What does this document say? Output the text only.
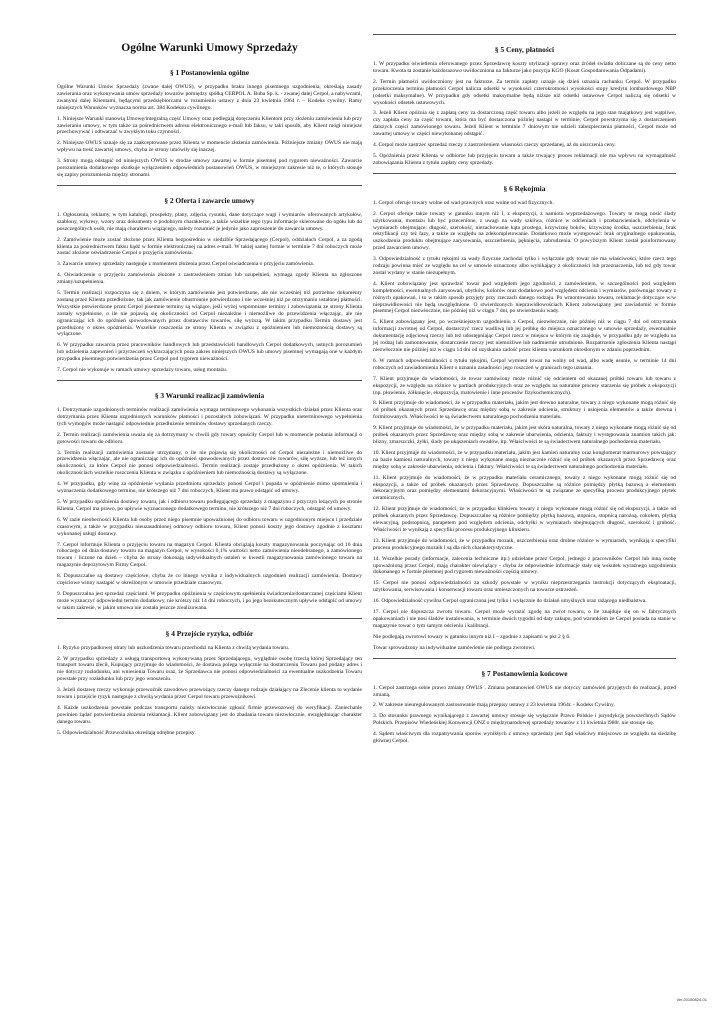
Ogólne Warunki Umowy Sprzedaży
§ 1 Postanowienia ogólne

Ogólne Warunki Umów Sprzedaży (zwane dalej OWUS), w przypadku braku innego pisemnego uzgodnienia, określają zasady zawierania oraz wykonywania umów sprzedaży towarów pomiędzy spółką CERPOL A. Buba Sp. k. - zwanej dalej Cerpol, a nabywcami, zwanymi dalej Klientami, będącymi przedsiębiorcami w rozumieniu ustawy z dnia 23 kwietnia 1964 r. – Kodeks cywilny. Ramy niniejszych Warunków wyznacza norma art. 384 Kodeksu cywilnego.

1. Niniejsze Warunki stanowią Umowę/integralną część Umowy oraz podlegają doręczeniu Klientom przy złożeniu zamówienia lub przy zawieraniu umowy, w tym także za pośrednictwem adresu elektronicznego e-mail lub faksu, w taki sposób, aby Klient mógł niniejsze przechowywać i odtwarzać w zwykłym toku czynności.

2. Niniejsze OWUS uznaje się za zaakceptowane przez Klienta w momencie złożenia zamówienia. Późniejsze zmiany OWUS nie mają wpływu na treść zawartej umowy, chyba że strony umówiły się inaczej.

3. Strony mogą odstąpić od niniejszych OWUS w drodze umowy zawartej w formie pisemnej pod rygorem nieważności. Zawarcie porozumienia dodatkowego skutkuje wyłączeniem odpowiednich postanowień OWUS, w mniejszym zakresie niż te, o których stosuje się zapisy porozumienia między stronami.

§ 2 Oferta i zawarcie umowy

1. Ogłoszenia, reklamy, w tym katalogi, prospekty, plany, zdjęcia, rysunki, dane dotyczące wagi i wymiarów oferowanych artykułów, szablony, wykresy, wzory oraz dokumenty o podobnym charakterze, a także wszelkie tego typu informacje skierowane do ogółu lub do poszczególnych osób, nie mają charakteru wiążącego, należy rozumieć je jedynie jako zaproszenie do zawarcia umowy.

2. Zamówienie może zostać złożone przez Klienta bezpośrednio w siedzibie Sprzedającego (Cerpol), oddziałach Cerpol, a za zgodą klienta za pośrednictwem faksu bądź w formie elektronicznej na adres e-mail. W takiej samej formie w terminie 7 dni roboczych może zostać złożone oświadczenie Cerpol o przyjęciu zamówienia.

3. Zawarcie umowy sprzedaży następuje z momentem złożenia przez Cerpol oświadczenia o przyjęciu zamówienia.

4. Oświadczenie o przyjęciu zamówienia złożone z zastrzeżeniem zmian lub uzupełnień, wymaga zgody Klienta na zgłoszone zmiany/uzupełnienia.

5. Termin realizacji rozpoczyna się z dniem, w którym zamówienie jest potwierdzone, ale nie wcześniej niż potrzebne dokumenty zostaną przez Klienta przedłożone, tak jak zamówienie obustronnie potwierdzono i nie wcześniej niż po otrzymaniu ustalonej płatności. Wszystkie potwierdzone przez Cerpol pisemnie terminy są wiążące, jeśli wyżej wspomniane terminy i zobowiązania ze strony Klienta zostały wypełnione, o ile nie pojawią się okoliczności od Cerpol niezależne i niemożliwe do przewidzenia włączając, ale nie ograniczając ich do opóźnień spowodowanych przez dostawców towarów, siłę wyższą. W takim przypadku Termin dostawy jest przedłużony o okres opóźnienia. Wszelkie roszczenia ze strony Klienta w związku z opóźnieniem lub niemożnością dostawy są wyłączone.

6. W przypadku zawarcia przez pracowników handlowych lub przedstawicieli handlowych Cerpol dodatkowych, ustnych porozumień lub udzielenia zapewnień i przyrzeczeń wykraczających poza zakres niniejszych OWUS lub umowy pisemnej wymagają one w każdym przypadku pisemnego potwierdzenia przez Cerpol pod rygorem nieważności.

7. Cerpol nie wykonuje w ramach umowy sprzedaży towaru, usług montażu.

§ 3 Warunki realizacji zamówienia

1. Dotrzymanie uzgodnionych terminów realizacji zamówienia wymaga terminowego wykonania wszystkich działań przez Klienta oraz dotrzymania przez Klienta uzgodnionych warunków płatności i pozostałych zobowiązań. W przypadku nieterminowego wypełnienia tych wymogów może nastąpić odpowiednie przedłużenie terminów dostawy sprzedanych rzeczy.

2. Termin realizacji zamówienia uważa się za dotrzymany w chwili gdy towary opuściły Cerpol lub w momencie podania informacji o gotowości towaru do odbioru.

3. Termin realizacji zamówienia zostanie utrzymany, o ile nie pojawią się okoliczności od Cerpol niezależne i niemożliwe do przewidzenia włączając, ale nie ograniczając ich do opóźnień spowodowanych przez dostawców towarów, siłę wyższe, lub też innych okoliczności, za które Cerpol nie ponosi odpowiedzialności. Termin realizacji zostaje przedłużony o okres opóźnienia. W takich okolicznościach wszelkie roszczenia Klienta w związku z opóźnieniem lub niemożnością dostawy są wyłączone.

4. W przypadku, gdy winę za opóźnienie wydania przedmiotu sprzedaży ponosi Cerpol i popada w opóźnienie mimo upomnienia i wyznaczenia dodatkowego terminu, nie krótszego niż 7 dni roboczych, Klient ma prawo odstąpić od umowy.

5. W przypadku opóźnienia dostawy towaru, jak i odbioru towaru podlegającego sprzedaży z magazynu z przyczyn leżących po stronie Klienta, Cerpol ma prawo, po upływie wyznaczonego dodatkowego terminu, nie krótszego niż 7 dni roboczych, odstąpić od umowy.

6. W razie nieobecności Klienta lub osoby przez niego pisemnie upoważnionej do odbioru towaru w uzgodnionym miejscu i przedziale czasowym, a także w przypadku nieuzasadnionej odmowy odbioru towaru, Klient ponosi koszty jego dostawy zgodnie z kosztami wykonanej usługi dostawy.

7. Cerpol informuje Klienta o przyjęciu towaru na magazyn Cerpol. Klienta obciążają koszty magazynowania poczynając od 16 dnia roboczego od dnia dostawy towaru na magazyn Cerpol, w wysokości 0,1% wartości netto zamówienia nieodebranego, a zamówionego towaru / liczone na dzień – chyba że strony dokonają indywidualnych ustaleń w kwestii magazynowania zamówionego towaru na magazynie depozytowym Firmy Cerpol.

8. Dopuszczalne są dostawy częściowe, chyba że co innego wynika z indywidualnych uzgodnień realizacji zamówienia. Dostawy częściowe winny nastąpić w określonym w umowie przedziale czasowym.

9. Dopuszczalna jest sprzedaż częściami. W przypadku opóźnienia w częściowym spełnieniu świadczenia/dostarczanej częściami Klient może wyznaczyć odpowiedni termin dodatkowy, nie krótszy niż 14 dni roboczych, i po jego bezskutecznym upływie odstąpić od umowy w takim zakresie, w jakim umowa nie została jeszcze zrealizowana.

§ 4 Przejście ryzyka, odbiór

1. Ryzyko przypadkowej utraty lub uszkodzenia towaru przechodzi na Klienta z chwilą wydania towaru.

2. W przypadku sprzedaży z usługą transportową wykonywaną przez Sprzedającego, wyglądnie osobę trzecią której Sprzedający ten transport towaru zlecił, Kupujący przyjmuje do wiadomości, że dostawa polega wyłącznie na dostarczeniu Towaru pod podany adres i nie dotyczy rozładunku, ani wniesienia Towaru oraz, że Sprzedawca nie ponosi odpowiedzialności za ewentualne uszkodzenia Towaru powstałe przy rozładunku lub przy jego wnoszeniu.

3. Jeżeli dostawę rzeczy wykonuje przewoźnik zawodowo przewożący rzeczy danego rodzaju działający na Zlecenie klienta to wydanie towaru i przejście ryzyk następuje z chwilą wydania przez Cerpol towaru przewoźnikowi.

4. Każde uszkodzenia powstałe podczas transportu należy niezwłocznie zgłosić firmie przewozowej do weryfikacji. Zaniechanie powinien żądać potwierdzenia złożenia reklamacji. Klient zobowiązany jest do zbadania towaru niezwłocznie, uwzględniając charakter danego towaru.

5. Odpowiedzialność Przewoźnika określają odrębne przepisy.

§ 5 Ceny, płatności

1. W przypadku oświetlenia oferowanego przez Sprzedawcę koszty utylizacji oprawy oraz źródeł światła doliczane są do ceny netto towaru. Kwota ta zostanie każdorazowo uwidoczniona na fakturze jako pozycja KGO (Koszt Gospodarowania Odpadami).

2. Termin płatności uwidoczniony jest na fakturze. Za termin zapłaty uznaje się dzień uznania rachunku Cerpol. W przypadku przekroczenia terminu płatności Cerpol nalicza odsetki w wysokości czterokrotności wysokości stopy kredytu lombardowego NBP (odsetki maksymalne). W przypadku gdy odsetki maksymalne będą niższe niż odsetki ustawowe Cerpol naliczą się odsetki w wysokości odsetek ustawowych.

3. Jeżeli Klient opóźnia się z zapłatą ceny za dostarczoną część towaru albo jeżeli ze względu na jego stan majątkowy jest wątpliwe, czy zapłata ceny za część towaru, która ma być dostarczona później nastąpi w terminie, Cerpol powstrzyma się z dostarczeniem dalszych części zamówionego towaru. Jeżeli Klient w terminie 7 dniowym nie udzieli zabezpieczenia płatności, Cerpol może od zawartej umowy w części niewykonanej odstąpić.

4. Cerpol może zastrzec sprzedaż rzeczy z zastrzeżeniem własności rzeczy sprzedanej, aż do uiszczenia ceny.

5. Opóźnienia przez Klienta w odbiorze lub przyjęciu towaru a także trwający proces reklamacji nie ma wpływu na wymagalność zobowiązania Klienta z tytułu zapłaty ceny sprzedaży.

§ 6 Rękojmia

1. Cerpol oferuje towary wolne od wad prawnych oraz wolne od wad fizycznych.

2. Cerpol oferuje także towary w gatunku innym niż I, z ekspozycji, z namiotu wyprzedażowego. Towary te mogą nosić ślady użytkowania, montażu lub być przecenione, z uwagi na wady szkliwa, różnice w odcieniach i przebarwieniach, odchylenia w wymiarach obejmujące: długość, szerokość, niezachowanie kąta prostego, krzywiznę boków, krzywiznę środka, uszczerbienia, brak rektyfikacji czy też fazy, a także ze względu na zdekompletowanie. Dodatkowo może występować: brak oryginalnego opakowania, uszkodzenia produktu obejmujące zarysowania, uszczerbienia, pęknięcia, zabrudzenia. O powyższym Klient został poinformowany przed zawarciem umowy.

3. Odpowiedzialność z tytułu rękojmi za wady fizyczne zachodzi tylko i wyłącznie gdy towar nie ma właściwości, które rzecz tego rodzaju powinna mieć ze względu na cel w umowie oznaczony albo wynikający z okoliczności lub przeznaczenia, lub też gdy towar został wydany w stanie niezupełnym.

4. Klient zobowiązany jest sprawdzić towar pod względem jego zgodności z zamówieniem, w szczególności pod względem kompletności, ewentualnych zarysowań, ubytków, kolorów oraz dodatkowo pod względem odcienia i wymiarów, porównując towary z różnych opakowań, i to w takim sposób przyjęty przy rzeczach danego rodzaju. Po wmontowaniu towaru, reklamacje dotyczące w/w nieprawidłowości nie będą uwzględnione. O stwierdzonych nieprawidłowościach Klient zobowiązany jest zawiadomić w formie pisemnej Cerpol niezwłocznie, nie później niż w ciągu 7 dni, po stwierdzeniu wady.

5. Klient zobowiązany jest, po wcześniejszym uzgodnieniu z Cerpol, niezwłocznie, nie później niż w ciągu 7 dni od otrzymania informacji zwrotnej od Cerpol, dostarczyć rzecz wadliwą lub jej próbkę do miejsca oznaczonego w umowie sprzedaży, ewentualnie dokumentację zdjęciową rzeczy lub też udostępniając Cerpol rzecz w miejscu w którym się znajduje, w przypadku gdy ze względu na jej rodzaj lub zamontowanie, dostarczenie rzeczy jest niemożliwe lub nadmiernie utrudnione. Rozpatrzenie zgłoszenia Klienta nastąpi niezwłocznie nie później niż w ciągu 14 dni od uzyskania zadość przez klienta warunkom określonym w zdaniu poprzednim.

6. W ramach odpowiedzialności z tytułu rękojmi, Cerpol wymieni towar na wolny od wad, albo wadę usunie, w terminie 14 dni roboczych od zawiadomienia Klient o uznaniu zasadności jego roszczeń w granicach tego uznania.

7. Klient przyjmuje do wiadomości, że towar zamówiony może różnić się odcieniem od okazanej próbki towaru lub towaru z ekspozycji, ze względu na różnice w partiach produkcyjnych oraz ze względu na naturalne procesy starzenia się próbek z ekspozycji (np. płowienie, żółknięcie, ekspozycja, matowienie i inne procesów fizykochemicznych).

8. Klient przyjmuje do wiadomości, że w przypadku materiału, jakim jest drewno naturalne, towary z niego wykonane mogą różnić się od próbek okazanych przez Sprzedawcę oraz między sobą w zakresie odcienia, struktury i usłojenia elementów a także drewna i formirowanych. Właściwości te są świadectwem naturalnego pochodzenia materiału.

9. Klient przyjmuje do wiadomości, że w przypadku materiału, jakim jest skóra naturalna, towary z niego wykonane mogą różnić się od próbek okazanych przez Sprzedawcę oraz między sobą w zakresie ubarwienia, odcienia, faktury i występowania znamion takich jak: blizny, zmarszczki, żyłki, ślady po ukąszeniach owadów, itp. Właściwości te są świadectwem naturalnego pochodzenia materiału.

10. Klient przyjmuje do wiadomości, że w przypadku materiału, jakim jest kamień naturalny oraz konglomerat marmurowy powstający na bazie kamieni naturalnych, towary z niego wykonane mogą nieznacznie różnić się od próbek okazanych przez Sprzedawcę oraz między sobą w zakresie ubarwienia, odcienia i faktury. Właściwości te są świadectwem naturalnego pochodzenia materiału.

11. Klient przyjmuje do wiadomości, że w przypadku materiału ceramicznego, towary z niego wykonane mogą różnić się od ekspozycji, a także od próbek okazanych przez Sprzedawcę. Dopuszczalne są różnice pomiędzy płytką bazową a elementem dekoracyjnym oraz pomiędzy elementami dekoracyjnymi. Właściwości te są związane ze specyfiką procesu produkcyjnego płytek ceramicznych.

12. Klient przyjmuje do wiadomości, że w przypadku klinkieru towary z niego wykonane mogą różnić się od ekspozycji, a także od próbek okazanych przez Sprzedawcę. Dopuszczalne są różnice pomiędzy płytką bazową, stopnica, stopnicą narożną, cokołem, płytką elewacyjną, podstopnicą, parapetem pod względem odcienia, odchyłki w wymiarach obejmujących długość, szerokość i grubość. Właściwości te wynikają z specyfiki procesu produkcyjnego klinkieru.

13. Klient przyjmuje do wiadomości, że w przypadku mozaik, uszczerbienia oraz drobne różnice w wymiarach, wynikają z specyfiki procesu produkcyjnego mozaik i są dla nich charakterystyczne.

14. Wszelkie porady (informacje, zalecenia techniczne itp.) udzielane przez Cerpol, jednego z pracowników Cerpol lub inną osobę upoważnioną przez Cerpol, mają charakter niewiążący - chyba że odpowiednie informacje stały się wskutek wyraźnego uzgodnienia dokonanego w formie pisemnej pod rygorem nieważności częścią umowy.

15. Cerpol nie ponosi odpowiedzialności za szkody powstałe w wyniku nieprzestrzegania instrukcji dotyczących eksploatacji, użytkowania, serwisowania i konserwacji towaru oraz umieszczonych na towarze ostrzeżeń.

16. Odpowiedzialność cywilna Cerpol ograniczona jest tylko i wyłącznie do działań umyślnych oraz rażącego niedbalstwa.

17. Cerpol nie dopuszcza zwrotu towaru. Cerpol może wyrazić zgodę na zwrot towaru, o ile znajduje się on w fabrycznych opakowaniach i nie nosi śladów instalowania, w terminie dwóch tygodni od daty zakupu, pod warunkiem że Cerpol posiada na stanie w magazynie towar o tym samym odcieniu i kalibracji.

Nie podlegają zwrotowi towary w gatunku innym niż I – zgodnie z zapisami w pkt 2 § 6.

Towar sprowadzony na indywidualne zamówienie nie podlega zwrotowi.

§ 7 Postanowienia końcowe

1. Cerpol zastrzega sobie prawo zmiany OWUS . Zmiana postanowień OWUS nie dotyczy zamówień przyjętych do realizacji, przed zmianą.

2. W zakresie nieuregulowanym zastosowanie mają przepisy ustawy z 23 kwietnia 1964r. - Kodeks Cywilny.

3. Do stosunku prawnego wynikającego z zawartej umowy stosuje się wyłącznie Prawo Polskie i jurysdykcję powszechnych Sądów Polskich. Przepisów Wiedeńskiej Konwencji ONZ o międzynarodowej sprzedaży towarów z 11 kwietnia l980r. nie stosuje się.

4. Sądem właściwym dla rozpatrywania sporów wynikłych z umowy sprzedaży jest Sąd właściwy miejscowo ze względu na siedzibę głównej Cerpol.

Ver.20150824-01
